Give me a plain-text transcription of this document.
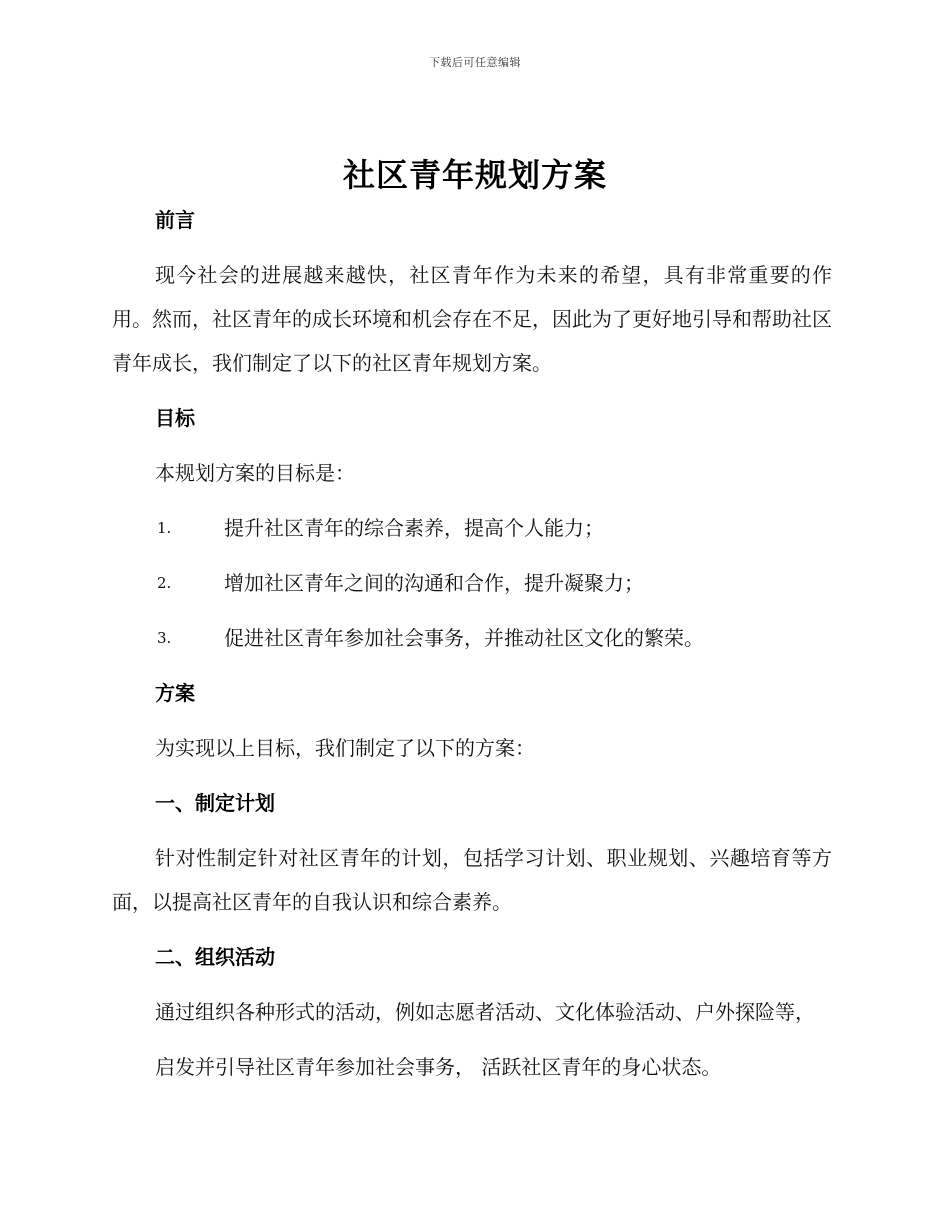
下载后可任意编辑
社区青年规划方案
前言

现今社会的进展越来越快，社区青年作为未来的希望，具有非常重要的作用。然而，社区青年的成长环境和机会存在不足，因此为了更好地引导和帮助社区青年成长，我们制定了以下的社区青年规划方案。

目标

本规划方案的目标是：

1.	提升社区青年的综合素养，提高个人能力；
2.	增加社区青年之间的沟通和合作，提升凝聚力；
3.	促进社区青年参加社会事务，并推动社区文化的繁荣。
方案

为实现以上目标，我们制定了以下的方案：

一、制定计划

针对性制定针对社区青年的计划，包括学习计划、职业规划、兴趣培育等方面，以提高社区青年的自我认识和综合素养。

二、组织活动

通过组织各种形式的活动，例如志愿者活动、文化体验活动、户外探险等，

启发并引导社区青年参加社会事务， 活跃社区青年的身心状态。
